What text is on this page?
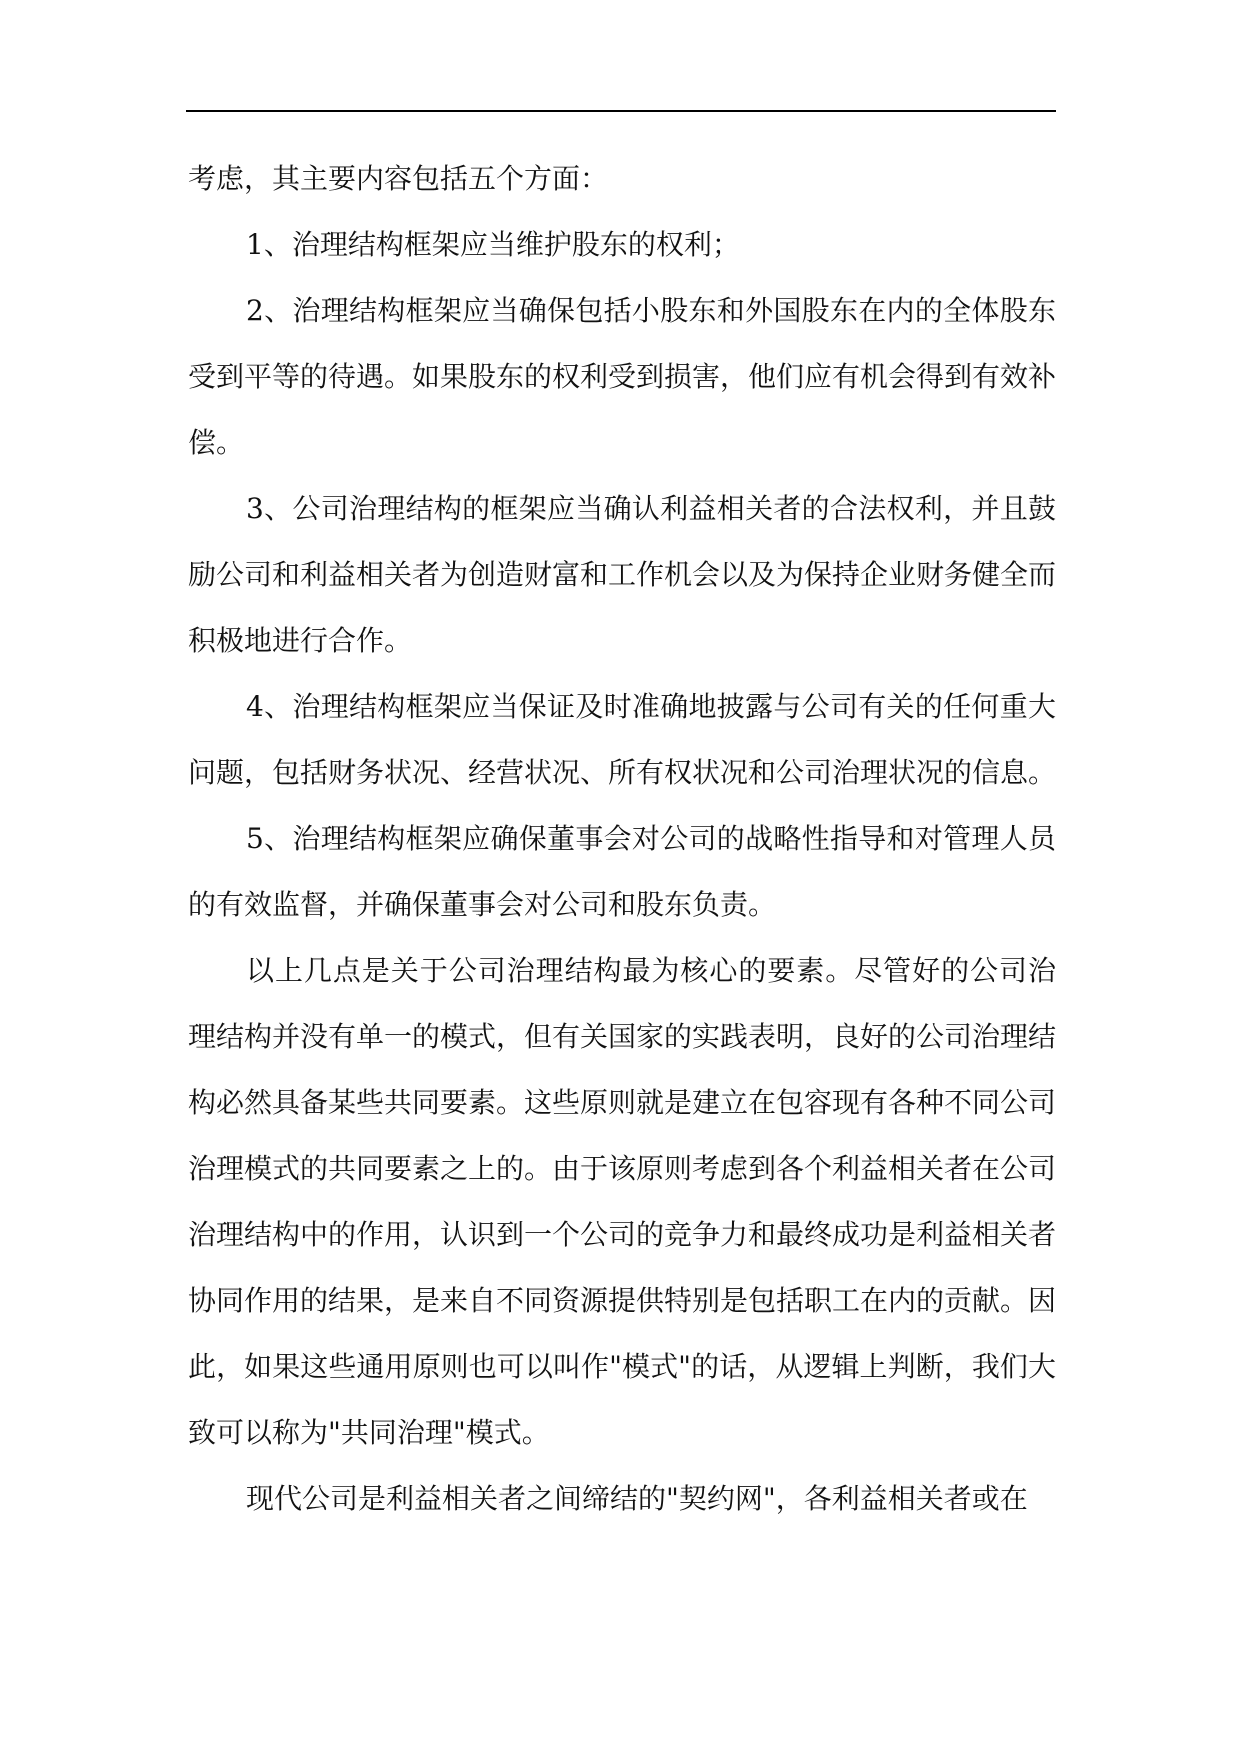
考虑，其主要内容包括五个方面：

1、治理结构框架应当维护股东的权利；

2、治理结构框架应当确保包括小股东和外国股东在内的全体股东受到平等的待遇。如果股东的权利受到损害，他们应有机会得到有效补偿。

3、公司治理结构的框架应当确认利益相关者的合法权利，并且鼓励公司和利益相关者为创造财富和工作机会以及为保持企业财务健全而积极地进行合作。

4、治理结构框架应当保证及时准确地披露与公司有关的任何重大问题，包括财务状况、经营状况、所有权状况和公司治理状况的信息。

5、治理结构框架应确保董事会对公司的战略性指导和对管理人员的有效监督，并确保董事会对公司和股东负责。

以上几点是关于公司治理结构最为核心的要素。尽管好的公司治理结构并没有单一的模式，但有关国家的实践表明，良好的公司治理结构必然具备某些共同要素。这些原则就是建立在包容现有各种不同公司治理模式的共同要素之上的。由于该原则考虑到各个利益相关者在公司治理结构中的作用，认识到一个公司的竞争力和最终成功是利益相关者协同作用的结果，是来自不同资源提供特别是包括职工在内的贡献。因此，如果这些通用原则也可以叫作"模式"的话，从逻辑上判断，我们大致可以称为"共同治理"模式。

现代公司是利益相关者之间缔结的"契约网"，各利益相关者或在
